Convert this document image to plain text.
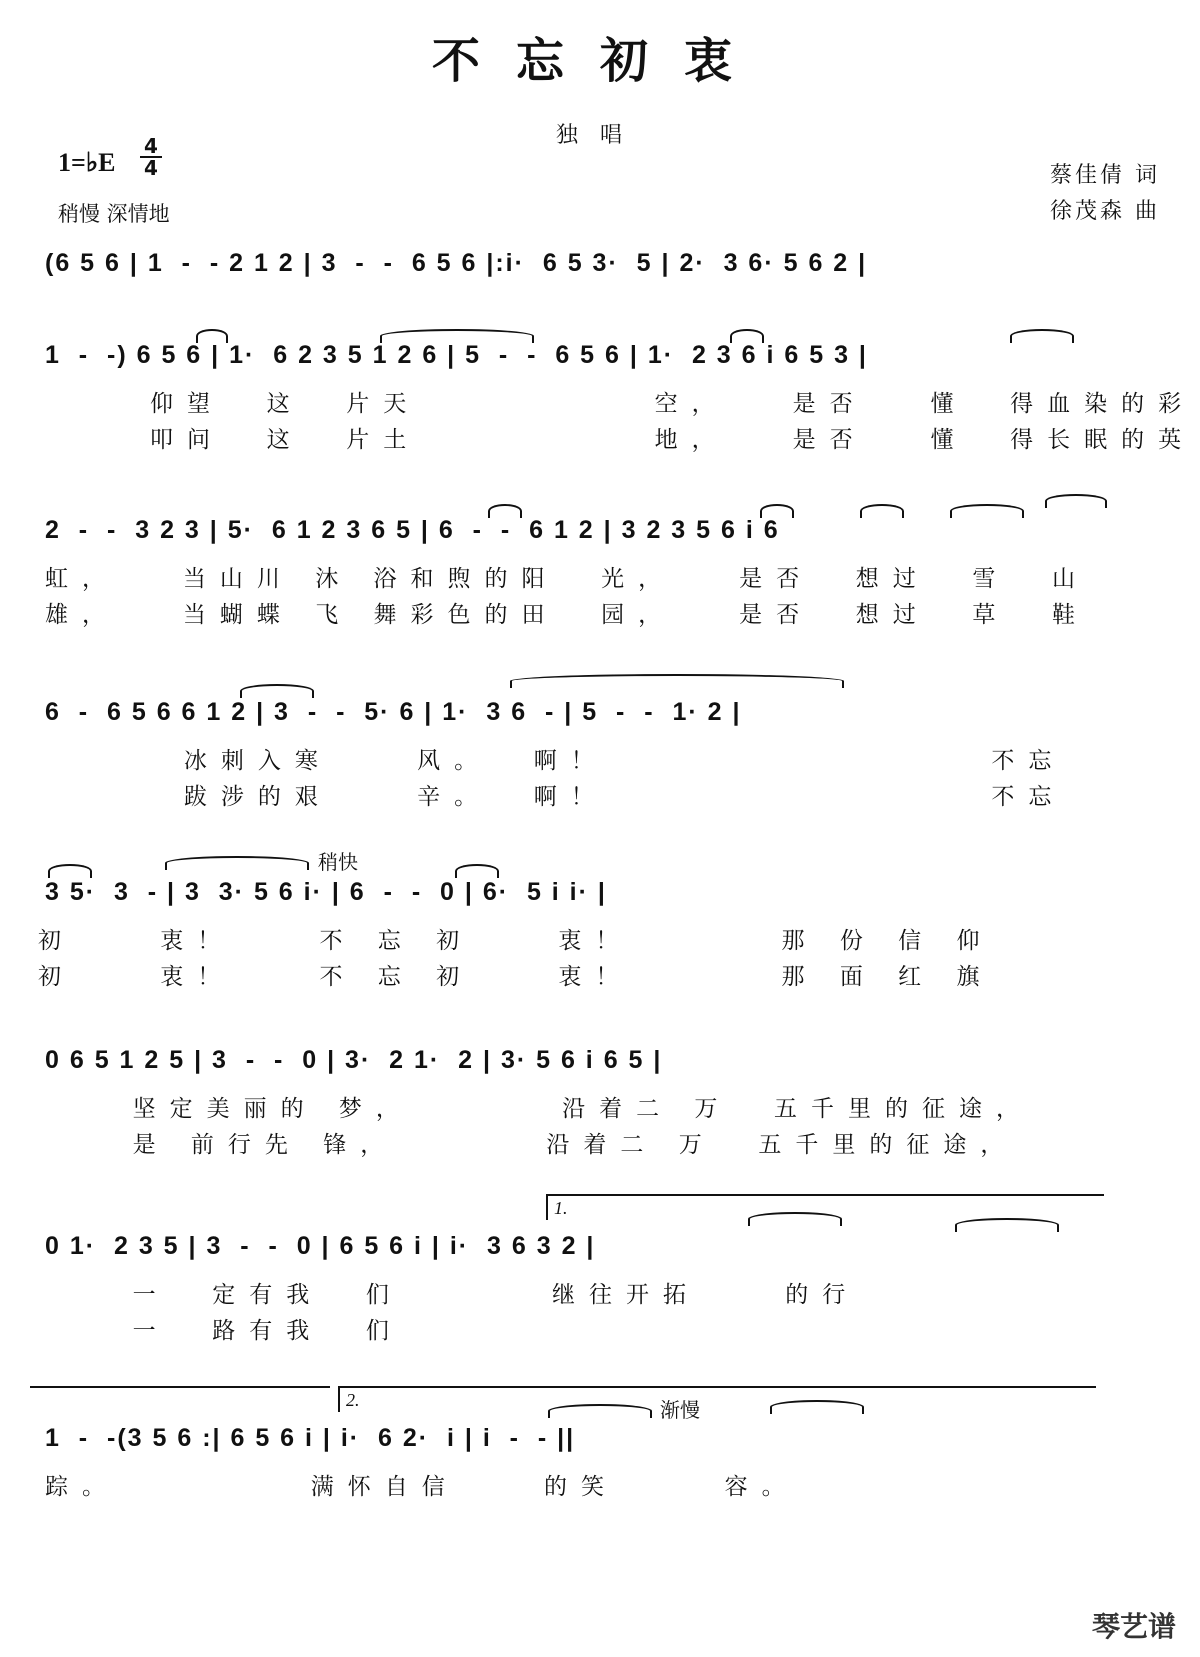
不忘初衷
独唱
1=♭E
4
4
稍慢 深情地
蔡佳倩 词
徐茂森 曲
(6 5 6 | 1  -  - 2 1 2 | 3  -  -  6 5 6 |:i·  6 5 3·  5 | 2·  3 6· 5 6 2 |
1  -  -) 6 5 6 | 1·  6 2 3 5 1 2 6 | 5  -  -  6 5 6 | 1·  2 3 6 i 6 5 3 |
仰望  这  片天           空，   是否   懂  得血染的彩
叩问  这  片土           地，   是否   懂  得长眠的英
2  -  -  3 2 3 | 5·  6 1 2 3 6 5 | 6  -  -  6 1 2 | 3 2 3 5 6 i 6
虹，   当山川 沐 浴和煦的阳  光，   是否  想过  雪  山
雄，   当蝴蝶 飞 舞彩色的田  园，   是否  想过  草  鞋
6  -  6 5 6 6 1 2 | 3  -  -  5· 6 | 1·  3 6  - | 5  -  -  1· 2 |
冰刺入寒    风。  啊！                  不忘
跋涉的艰    辛。  啊！                  不忘
稍快
3 5·  3  - | 3  3· 5 6 i· | 6  -  -  0 | 6·  5 i i· |
初    衷！    不 忘 初    衷！       那 份 信 仰
初    衷！    不 忘 初    衷！       那 面 红 旗
0 6 5 1 2 5 | 3  -  -  0 | 3·  2 1·  2 | 3· 5 6 i 6 5 |
坚定美丽的 梦，       沿着二 万  五千里的征途，
是 前行先 锋，       沿着二 万  五千里的征途，
1.
0 1·  2 3 5 | 3  -  -  0 | 6 5 6 i | i·  3 6 3 2 |
一  定有我  们       继往开拓    的行
一  路有我  们
2.	渐慢
1  -  -(3 5 6 :| 6 5 6 i | i·  6 2·  i | i  -  - ||
踪。         满怀自信    的笑     容。
琴艺谱
